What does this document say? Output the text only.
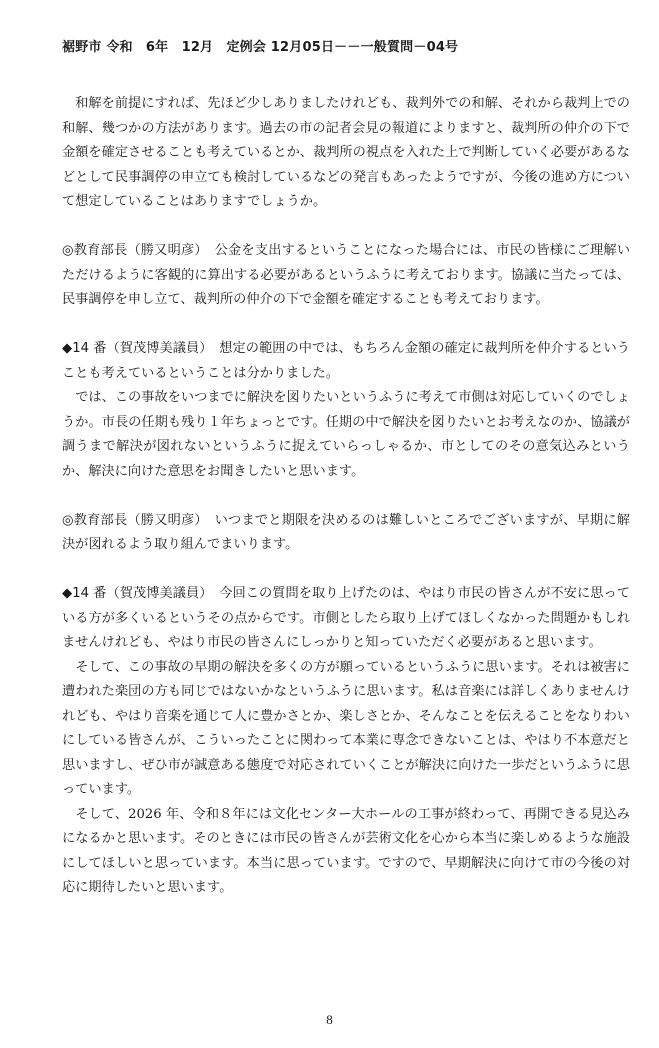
裾野市 令和　6年　12月　定例会 12月05日－－一般質問－04号

和解を前提にすれば、先ほど少しありましたけれども、裁判外での和解、それから裁判上での和解、幾つかの方法があります。過去の市の記者会見の報道によりますと、裁判所の仲介の下で金額を確定させることも考えているとか、裁判所の視点を入れた上で判断していく必要があるなどとして民事調停の申立ても検討しているなどの発言もあったようですが、今後の進め方について想定していることはありますでしょうか。

◎教育部長（勝又明彦）　公金を支出するということになった場合には、市民の皆様にご理解いただけるように客観的に算出する必要があるというふうに考えております。協議に当たっては、民事調停を申し立て、裁判所の仲介の下で金額を確定することも考えております。

◆14 番（賀茂博美議員）　想定の範囲の中では、もちろん金額の確定に裁判所を仲介するということも考えているということは分かりました。

では、この事故をいつまでに解決を図りたいというふうに考えて市側は対応していくのでしょうか。市長の任期も残り１年ちょっとです。任期の中で解決を図りたいとお考えなのか、協議が調うまで解決が図れないというふうに捉えていらっしゃるか、市としてのその意気込みというか、解決に向けた意思をお聞きしたいと思います。

◎教育部長（勝又明彦）　いつまでと期限を決めるのは難しいところでございますが、早期に解決が図れるよう取り組んでまいります。

◆14 番（賀茂博美議員）　今回この質問を取り上げたのは、やはり市民の皆さんが不安に思っている方が多くいるというその点からです。市側としたら取り上げてほしくなかった問題かもしれませんけれども、やはり市民の皆さんにしっかりと知っていただく必要があると思います。

そして、この事故の早期の解決を多くの方が願っているというふうに思います。それは被害に遭われた楽団の方も同じではないかなというふうに思います。私は音楽には詳しくありませんけれども、やはり音楽を通じて人に豊かさとか、楽しさとか、そんなことを伝えることをなりわいにしている皆さんが、こういったことに関わって本業に専念できないことは、やはり不本意だと思いますし、ぜひ市が誠意ある態度で対応されていくことが解決に向けた一歩だというふうに思っています。

そして、2026 年、令和８年には文化センター大ホールの工事が終わって、再開できる見込みになるかと思います。そのときには市民の皆さんが芸術文化を心から本当に楽しめるような施設にしてほしいと思っています。本当に思っています。ですので、早期解決に向けて市の今後の対応に期待したいと思います。

8
